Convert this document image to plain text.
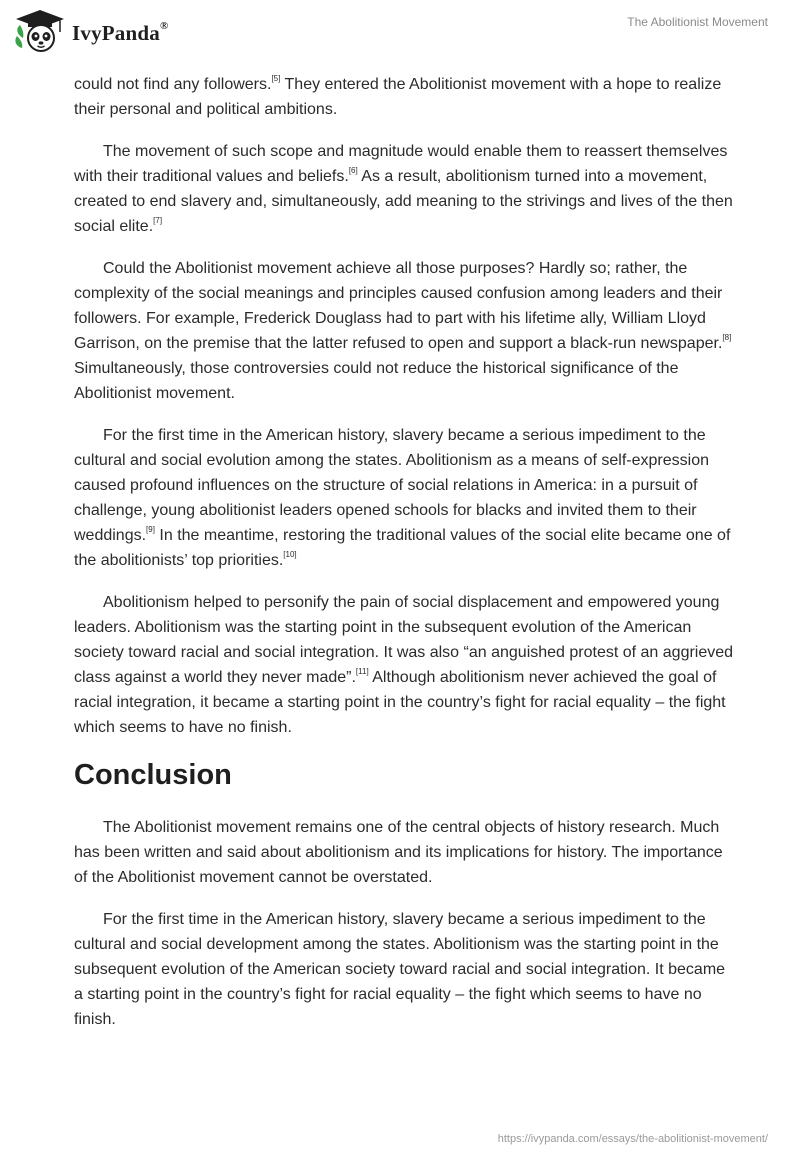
IvyPanda®	The Abolitionist Movement

could not find any followers.[5] They entered the Abolitionist movement with a hope to realize their personal and political ambitions.

The movement of such scope and magnitude would enable them to reassert themselves with their traditional values and beliefs.[6] As a result, abolitionism turned into a movement, created to end slavery and, simultaneously, add meaning to the strivings and lives of the then social elite.[7]

Could the Abolitionist movement achieve all those purposes? Hardly so; rather, the complexity of the social meanings and principles caused confusion among leaders and their followers. For example, Frederick Douglass had to part with his lifetime ally, William Lloyd Garrison, on the premise that the latter refused to open and support a black-run newspaper.[8] Simultaneously, those controversies could not reduce the historical significance of the Abolitionist movement.

For the first time in the American history, slavery became a serious impediment to the cultural and social evolution among the states. Abolitionism as a means of self-expression caused profound influences on the structure of social relations in America: in a pursuit of challenge, young abolitionist leaders opened schools for blacks and invited them to their weddings.[9] In the meantime, restoring the traditional values of the social elite became one of the abolitionists’ top priorities.[10]

Abolitionism helped to personify the pain of social displacement and empowered young leaders. Abolitionism was the starting point in the subsequent evolution of the American society toward racial and social integration. It was also “an anguished protest of an aggrieved class against a world they never made”.[11] Although abolitionism never achieved the goal of racial integration, it became a starting point in the country’s fight for racial equality – the fight which seems to have no finish.

Conclusion

The Abolitionist movement remains one of the central objects of history research. Much has been written and said about abolitionism and its implications for history. The importance of the Abolitionist movement cannot be overstated.

For the first time in the American history, slavery became a serious impediment to the cultural and social development among the states. Abolitionism was the starting point in the subsequent evolution of the American society toward racial and social integration. It became a starting point in the country’s fight for racial equality – the fight which seems to have no finish.

https://ivypanda.com/essays/the-abolitionist-movement/
